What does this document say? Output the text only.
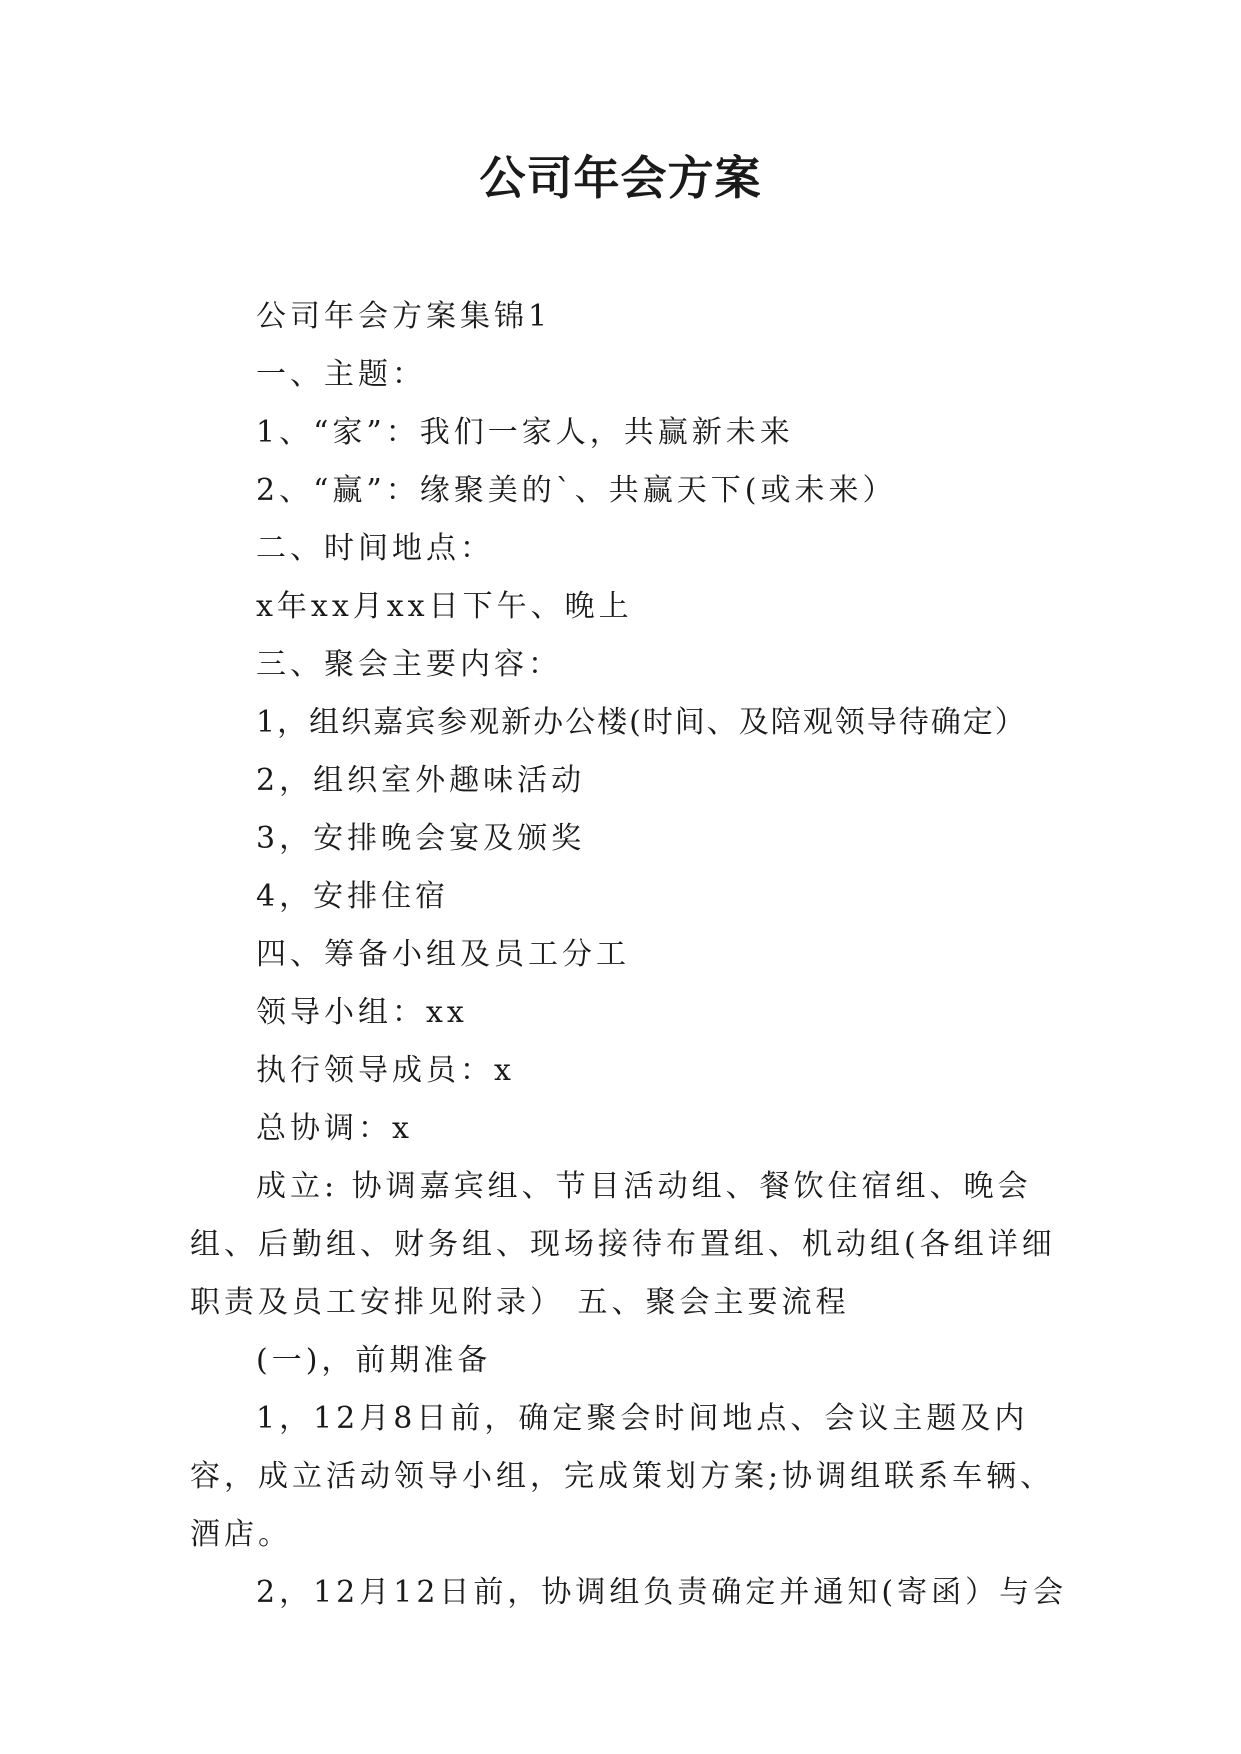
公司年会方案

公司年会方案集锦1

一、主题：

1、“家”：我们一家人，共赢新未来

2、“赢”：缘聚美的`、共赢天下(或未来）

二、时间地点：

x年xx月xx日下午、晚上

三、聚会主要内容：

1，组织嘉宾参观新办公楼(时间、及陪观领导待确定）

2，组织室外趣味活动

3，安排晚会宴及颁奖

4，安排住宿

四、筹备小组及员工分工

领导小组：xx

执行领导成员：x

总协调：x

成立: 协调嘉宾组、节目活动组、餐饮住宿组、晚会组、后勤组、财务组、现场接待布置组、机动组(各组详细职责及员工安排见附录） 五、聚会主要流程

(一)，前期准备

1，12月8日前，确定聚会时间地点、会议主题及内容，成立活动领导小组，完成策划方案;协调组联系车辆、酒店。

2，12月12日前，协调组负责确定并通知(寄函）与会
